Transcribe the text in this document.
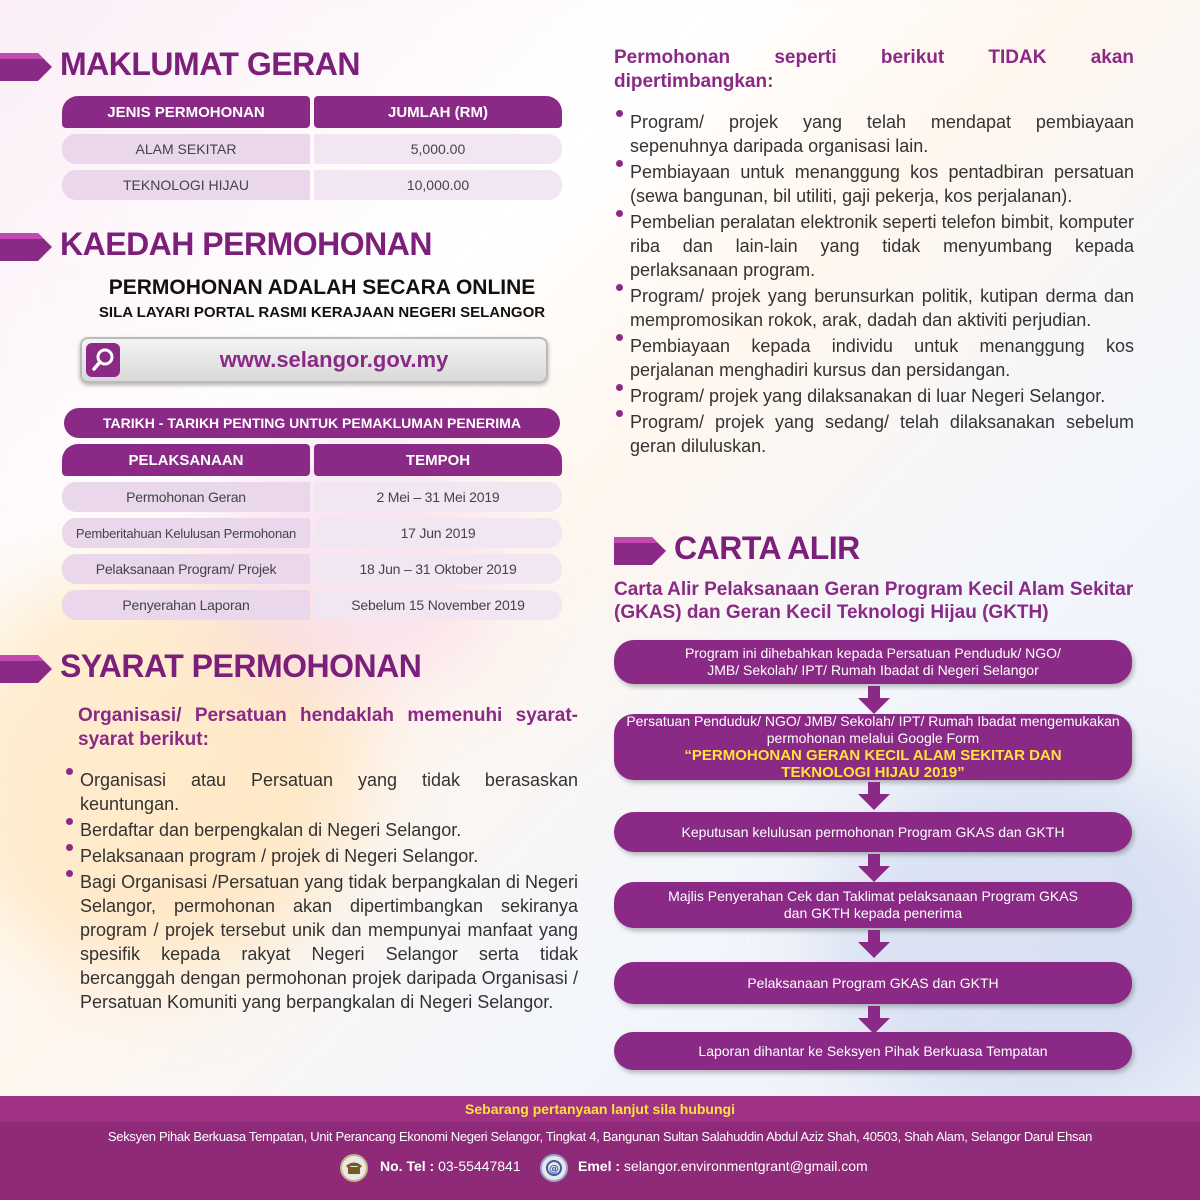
MAKLUMAT GERAN
JENIS PERMOHONAN	JUMLAH (RM)
ALAM SEKITAR	5,000.00
TEKNOLOGI HIJAU	10,000.00
KAEDAH PERMOHONAN
PERMOHONAN ADALAH SECARA ONLINE
SILA LAYARI PORTAL RASMI KERAJAAN NEGERI SELANGOR
www.selangor.gov.my
TARIKH - TARIKH PENTING UNTUK PEMAKLUMAN PENERIMA
PELAKSANAAN	TEMPOH
Permohonan Geran	2 Mei – 31 Mei 2019
Pemberitahuan Kelulusan Permohonan	17 Jun 2019
Pelaksanaan Program/ Projek	18 Jun – 31 Oktober 2019
Penyerahan Laporan	Sebelum 15 November 2019
SYARAT PERMOHONAN
Organisasi/ Persatuan hendaklah memenuhi syarat-syarat berikut:
Organisasi atau Persatuan yang tidak berasaskan keuntungan.
Berdaftar dan berpengkalan di Negeri Selangor.
Pelaksanaan program / projek di Negeri Selangor.
Bagi Organisasi /Persatuan yang tidak berpangkalan di Negeri Selangor, permohonan akan dipertimbangkan sekiranya program / projek tersebut unik dan mempunyai manfaat yang spesifik kepada rakyat Negeri Selangor serta tidak bercanggah dengan permohonan projek daripada Organisasi / Persatuan Komuniti yang berpangkalan di Negeri Selangor.
Permohonan seperti berikut TIDAK akan dipertimbangkan:
Program/ projek yang telah mendapat pembiayaan sepenuhnya daripada organisasi lain.
Pembiayaan untuk menanggung kos pentadbiran persatuan (sewa bangunan, bil utiliti, gaji pekerja, kos perjalanan).
Pembelian peralatan elektronik seperti telefon bimbit, komputer riba dan lain-lain yang tidak menyumbang kepada perlaksanaan program.
Program/ projek yang berunsurkan politik, kutipan derma dan mempromosikan rokok, arak, dadah dan aktiviti perjudian.
Pembiayaan kepada individu untuk menanggung kos perjalanan menghadiri kursus dan persidangan.
Program/ projek yang dilaksanakan di luar Negeri Selangor.
Program/ projek yang sedang/ telah dilaksanakan sebelum geran diluluskan.
CARTA ALIR
Carta Alir Pelaksanaan Geran Program Kecil Alam Sekitar (GKAS) dan Geran Kecil Teknologi Hijau (GKTH)
Program ini dihebahkan kepada Persatuan Penduduk/ NGO/ JMB/ Sekolah/ IPT/ Rumah Ibadat di Negeri Selangor
Persatuan Penduduk/ NGO/ JMB/ Sekolah/ IPT/ Rumah Ibadat mengemukakan permohonan melalui Google Form
“PERMOHONAN GERAN KECIL ALAM SEKITAR DAN TEKNOLOGI HIJAU 2019”
Keputusan kelulusan permohonan Program GKAS dan GKTH
Majlis Penyerahan Cek dan Taklimat pelaksanaan Program GKAS dan GKTH kepada penerima
Pelaksanaan Program GKAS dan GKTH
Laporan dihantar ke Seksyen Pihak Berkuasa Tempatan
Sebarang pertanyaan lanjut sila hubungi
Seksyen Pihak Berkuasa Tempatan, Unit Perancang Ekonomi Negeri Selangor, Tingkat 4, Bangunan Sultan Salahuddin Abdul Aziz Shah, 40503, Shah Alam, Selangor Darul Ehsan
No. Tel : 03-55447841	@ Emel : selangor.environmentgrant@gmail.com
